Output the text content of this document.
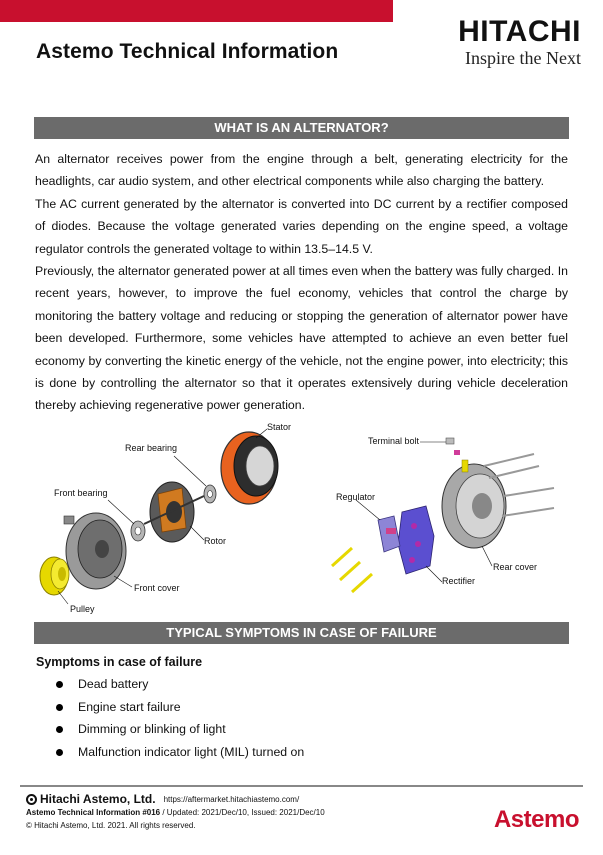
Astemo Technical Information
HITACHI
Inspire the Next
WHAT IS AN ALTERNATOR?

An alternator receives power from the engine through a belt, generating electricity for the headlights, car audio system, and other electrical components while also charging the battery.

The AC current generated by the alternator is converted into DC current by a rectifier composed of diodes. Because the voltage generated varies depending on the engine speed, a voltage regulator controls the generated voltage to within 13.5–14.5 V.

Previously, the alternator generated power at all times even when the battery was fully charged. In recent years, however, to improve the fuel economy, vehicles that control the charge by monitoring the battery voltage and reducing or stopping the generation of alternator power have been developed. Furthermore, some vehicles have attempted to achieve an even better fuel economy by converting the kinetic energy of the vehicle, not the engine power, into electricity; this is done by controlling the alternator so that it operates extensively during vehicle deceleration thereby achieving regenerative power generation.

Stator
Rear bearing
Front bearing
Rotor
Front cover
Pulley
Terminal bolt
Regulator
Rear cover
Rectifier
TYPICAL SYMPTOMS IN CASE OF FAILURE
Symptoms in case of failure
Dead battery
Engine start failure
Dimming or blinking of light
Malfunction indicator light (MIL) turned on
Hitachi Astemo, Ltd. https://aftermarket.hitachiastemo.com/
Astemo Technical Information #016 / Updated: 2021/Dec/10, Issued: 2021/Dec/10
© Hitachi Astemo, Ltd. 2021. All rights reserved.	Astemo
